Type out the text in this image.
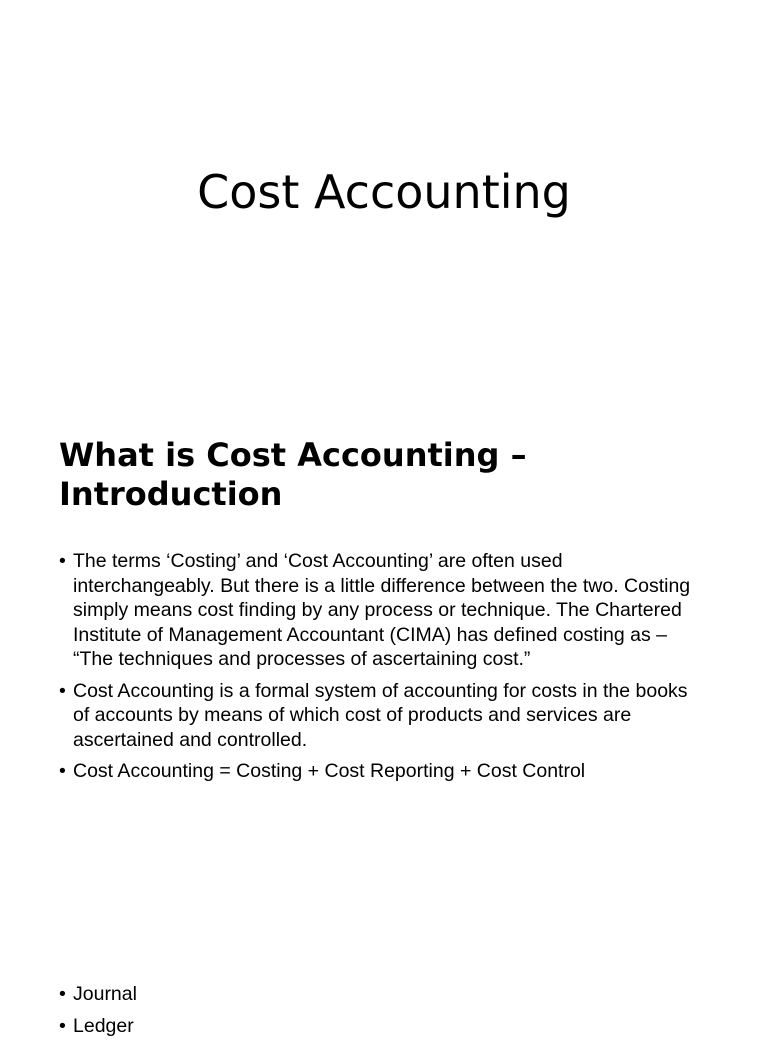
Cost Accounting
What is Cost Accounting – Introduction
• The terms ‘Costing’ and ‘Cost Accounting’ are often used interchangeably. But there is a little difference between the two. Costing simply means cost finding by any process or technique. The Chartered Institute of Management Accountant (CIMA) has defined costing as – “The techniques and processes of ascertaining cost.”
• Cost Accounting is a formal system of accounting for costs in the books of accounts by means of which cost of products and services are ascertained and controlled.
• Cost Accounting = Costing + Cost Reporting + Cost Control
• Journal
• Ledger
